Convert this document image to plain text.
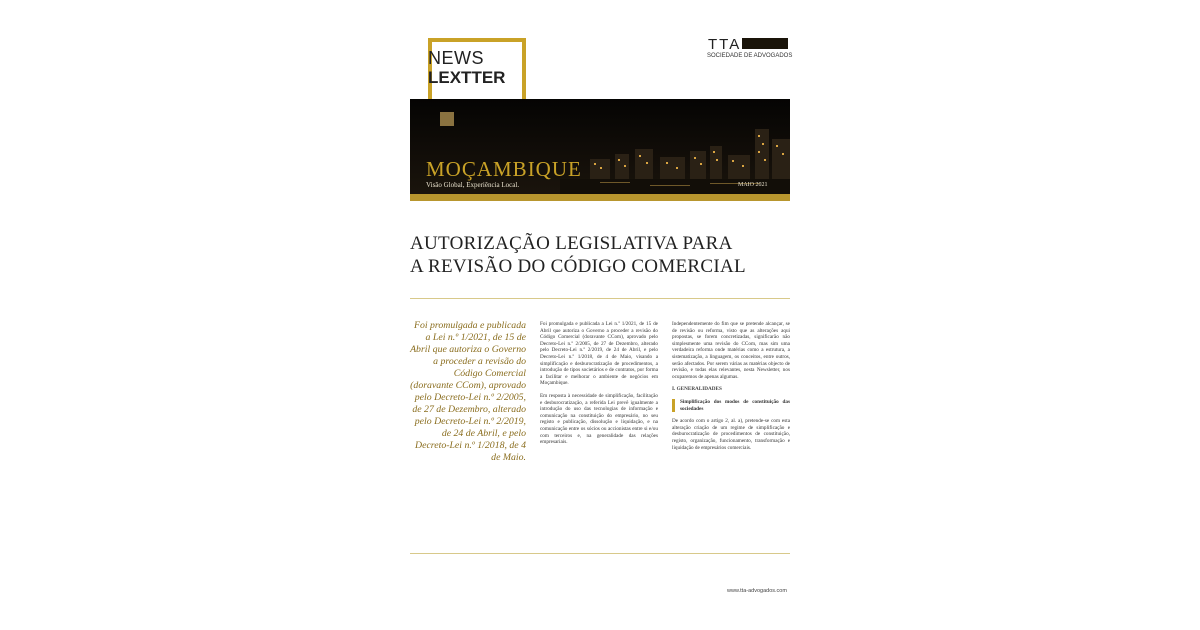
NEWS
LEXTTER
TTA
SOCIEDADE DE ADVOGADOS
MOÇAMBIQUE
Visão Global, Experiência Local.	MAIO 2021
AUTORIZAÇÃO LEGISLATIVA PARA
A REVISÃO DO CÓDIGO COMERCIAL
Foi promulgada e publicada a Lei n.º 1/2021, de 15 de Abril que autoriza o Governo a proceder a revisão do Código Comercial (doravante CCom), aprovado pelo Decreto-Lei n.º 2/2005, de 27 de Dezembro, alterado pelo Decreto-Lei n.º 2/2019, de 24 de Abril, e pelo Decreto-Lei n.º 1/2018, de 4 de Maio.

Foi promulgada e publicada a Lei n.º 1/2021, de 15 de Abril que autoriza o Governo a proceder a revisão do Código Comercial (doravante CCom), aprovado pelo Decreto-Lei n.º 2/2005, de 27 de Dezembro, alterado pelo Decreto-Lei n.º 2/2019, de 24 de Abril, e pelo Decreto-Lei n.º 1/2018, de 4 de Maio, visando a simplificação e desburocratização de procedimentos, a introdução de tipos societários e de contratos, por forma a facilitar e melhorar o ambiente de negócios em Moçambique.

Em resposta à necessidade de simplificação, facilitação e desburocratização, a referida Lei prevê igualmente a introdução do uso das tecnologias de informação e comunicação na constituição do empresário, no seu registo e publicação, dissolução e liquidação, e na comunicação entre os sócios ou accionistas entre si e/ou com terceiros e, na generalidade das relações empresariais.

Independentemente do fim que se pretende alcançar, se de revisão ou reforma, visto que as alterações aqui propostas, se forem concretizadas, significarão não simplesmente uma revisão do CCom, mas sim uma verdadeira reforma onde matérias como a estrutura, a sistematização, a linguagem, os conceitos, entre outros, serão afectados. Por serem várias as matérias objecto de revisão, e todas elas relevantes, nesta Newsletter, nos ocuparemos de apenas algumas.

I. GENERALIDADES
Simplificação dos modos de constituição das sociedades

De acordo com o artigo 2, al. a), pretende-se com esta alteração criação de um regime de simplificação e desburocratização de procedimentos de constituição, registo, organização, funcionamento, transformação e liquidação de empresários comerciais.

www.tta-advogados.com
